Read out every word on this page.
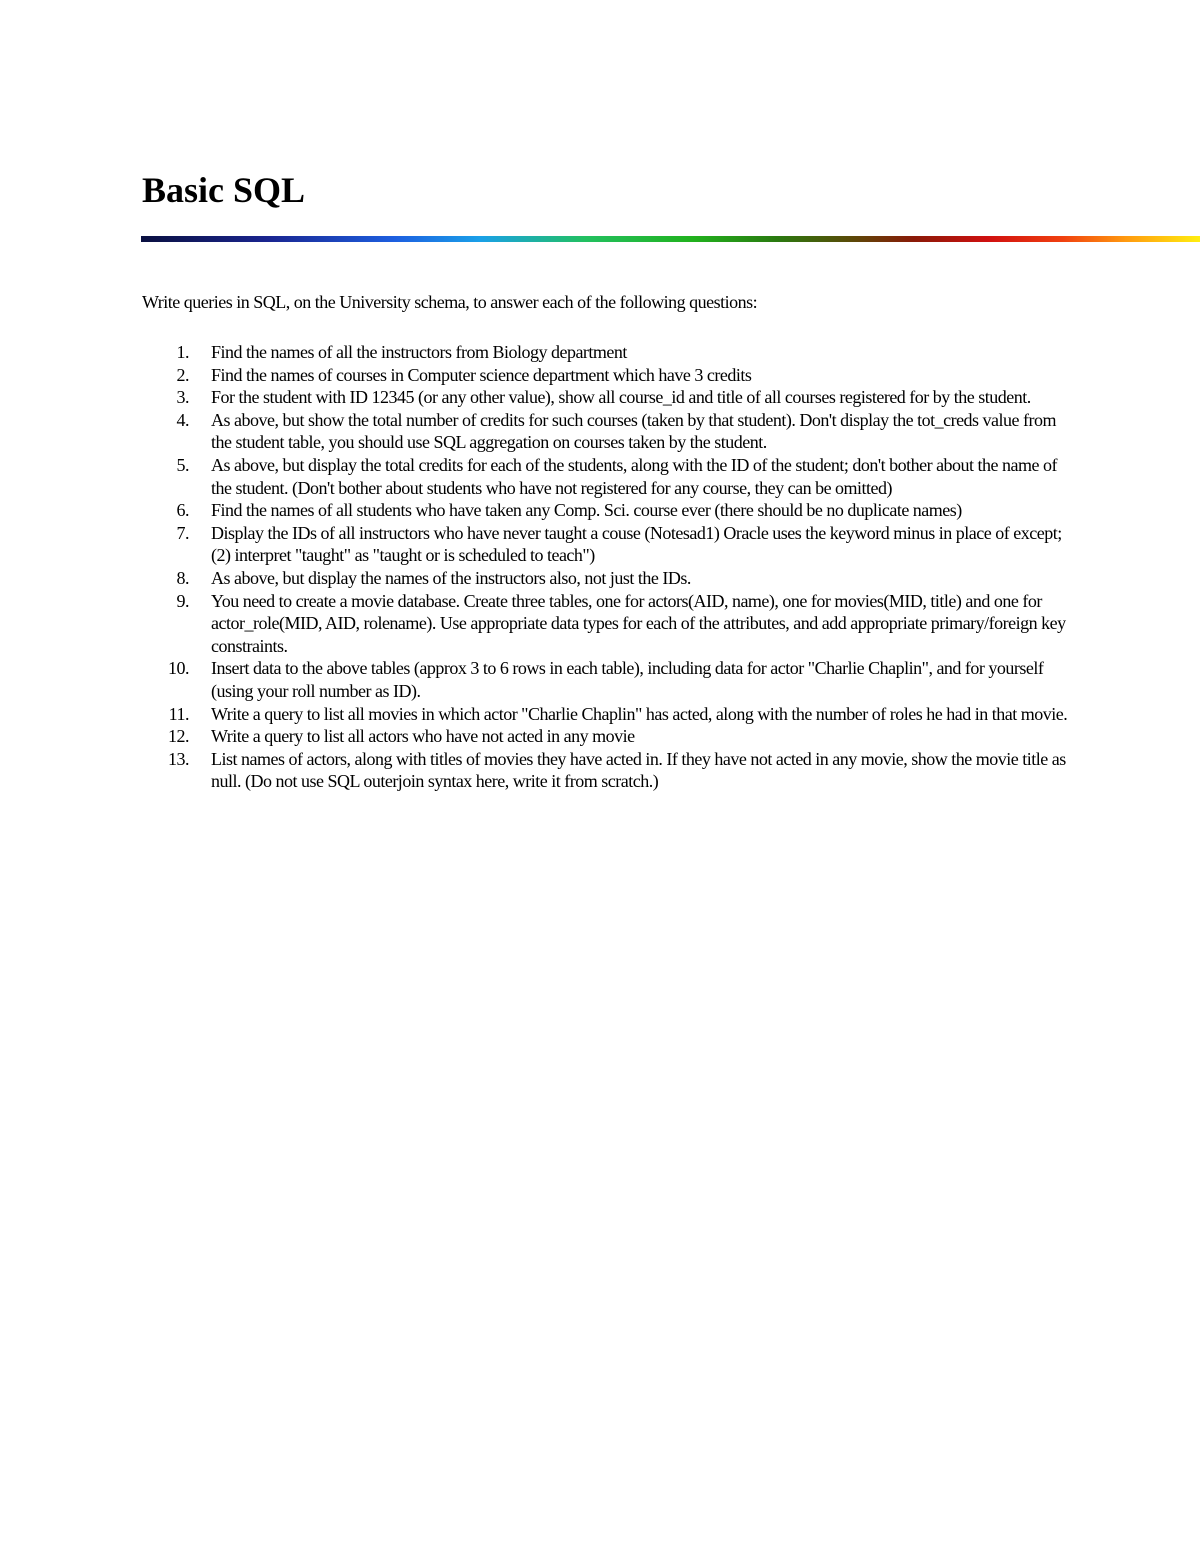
Basic SQL

Write queries in SQL, on the University schema, to answer each of the following questions:

1.	Find the names of all the instructors from Biology department
2.	Find the names of courses in Computer science department which have 3 credits
3.	For the student with ID 12345 (or any other value), show all course_id and title of all courses registered for by the student.
4.	As above, but show the total number of credits for such courses (taken by that student). Don't display the tot_creds value from the student table, you should use SQL aggregation on courses taken by the student.
5.	As above, but display the total credits for each of the students, along with the ID of the student; don't bother about the name of the student. (Don't bother about students who have not registered for any course, they can be omitted)
6.	Find the names of all students who have taken any Comp. Sci. course ever (there should be no duplicate names)
7.	Display the IDs of all instructors who have never taught a couse (Notesad1) Oracle uses the keyword minus in place of except; (2) interpret "taught" as "taught or is scheduled to teach")
8.	As above, but display the names of the instructors also, not just the IDs.
9.	You need to create a movie database. Create three tables, one for actors(AID, name), one for movies(MID, title) and one for actor_role(MID, AID, rolename). Use appropriate data types for each of the attributes, and add appropriate primary/foreign key constraints.
10.	Insert data to the above tables (approx 3 to 6 rows in each table), including data for actor "Charlie Chaplin", and for yourself (using your roll number as ID).
11.	Write a query to list all movies in which actor "Charlie Chaplin" has acted, along with the number of roles he had in that movie.
12.	Write a query to list all actors who have not acted in any movie
13.	List names of actors, along with titles of movies they have acted in. If they have not acted in any movie, show the movie title as null. (Do not use SQL outerjoin syntax here, write it from scratch.)
